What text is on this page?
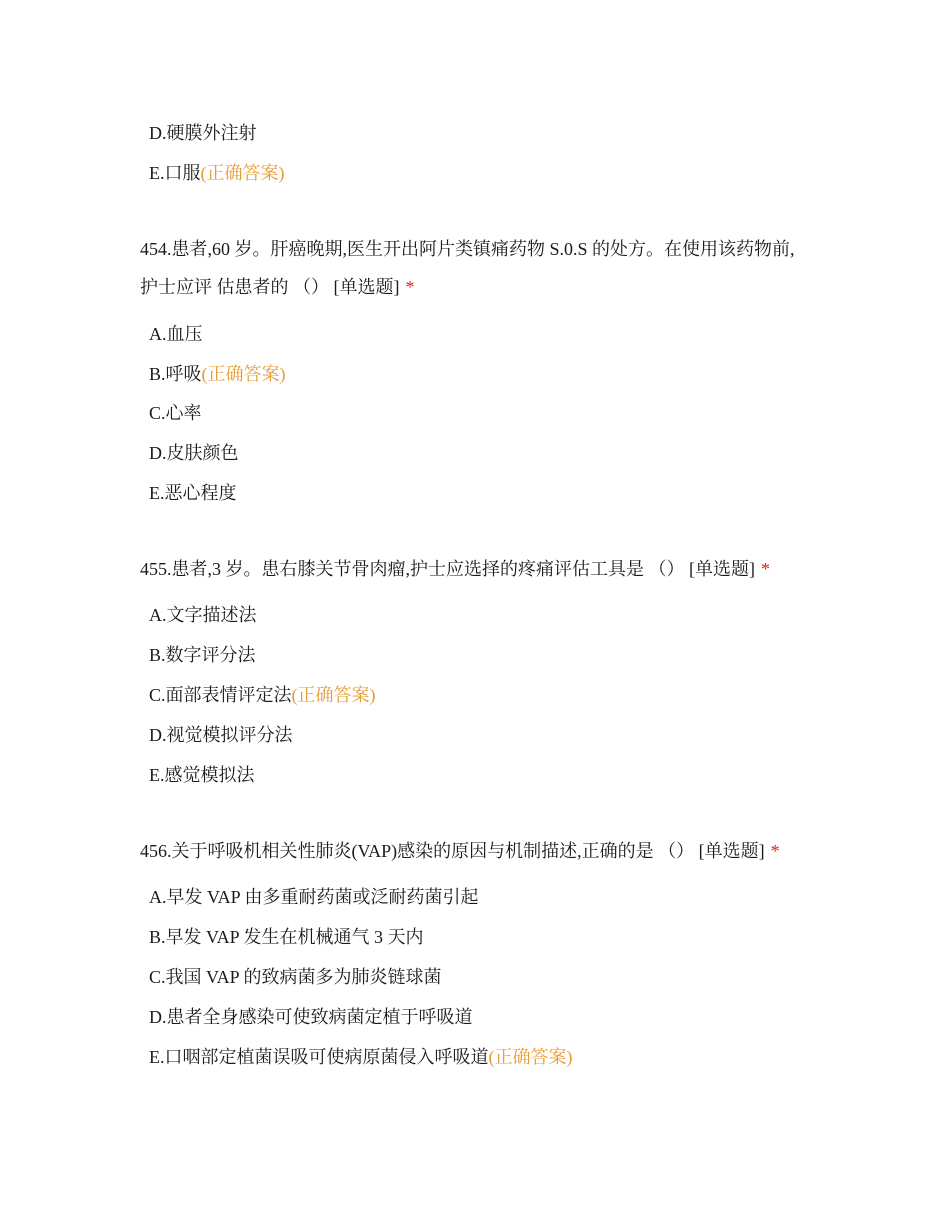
D.硬膜外注射
E.口服(正确答案)
454.患者,60 岁。肝癌晚期,医生开出阿片类镇痛药物 S.0.S 的处方。在使用该药物前,护士应评 估患者的 （） [单选题] *
A.血压
B.呼吸(正确答案)
C.心率
D.皮肤颜色
E.恶心程度
455.患者,3 岁。患右膝关节骨肉瘤,护士应选择的疼痛评估工具是 （） [单选题] *
A.文字描述法
B.数字评分法
C.面部表情评定法(正确答案)
D.视觉模拟评分法
E.感觉模拟法
456.关于呼吸机相关性肺炎(VAP)感染的原因与机制描述,正确的是 （） [单选题] *
A.早发 VAP 由多重耐药菌或泛耐药菌引起
B.早发 VAP 发生在机械通气 3 天内
C.我国 VAP 的致病菌多为肺炎链球菌
D.患者全身感染可使致病菌定植于呼吸道
E.口咽部定植菌误吸可使病原菌侵入呼吸道(正确答案)
